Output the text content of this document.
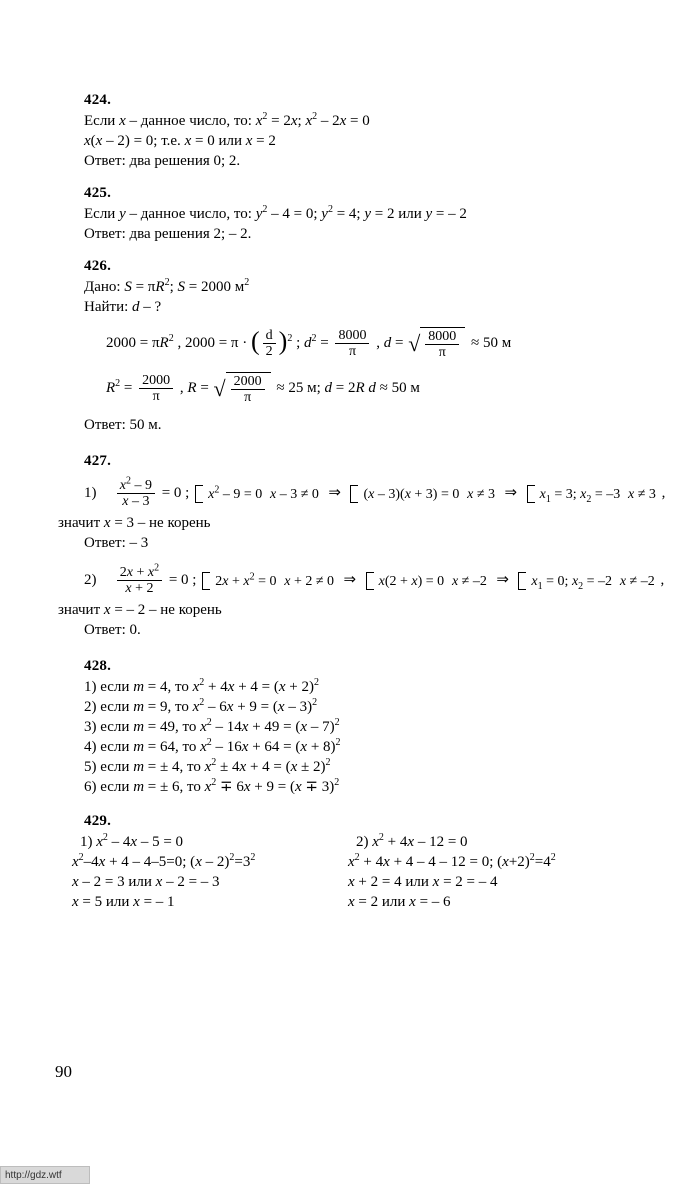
424.
Если x – данное число, то: $x^2 = 2x$; $x^2 - 2x = 0$
x(x – 2) = 0; т.е. x = 0 или x = 2
Ответ: два решения 0; 2.
425.
Если y – данное число, то: $y^2 - 4 = 0$; $y^2 = 4$; y = 2 или y = – 2
Ответ: два решения 2; – 2.
426.
Дано: $S = \pi R^2$; S = 2000 $м^2$
Найти: d – ?
$2000 = \pi R^2$ , 2000 = π · ( $\frac{d}{2} )^2$ ; $d^2 = \frac{8000}{\pi}$ , d = √ $\frac{8000}{\pi} \approx 50$ м
$R^2 = \frac{2000}{\pi}$ , R = √ $\frac{2000}{\pi} \approx 25$ м; d = 2R d ≈ 50 м
Ответ: 50 м.
427.
$1) \frac{x^2 - 9}{x - 3} = 0$ ; $x^2 - 9 = 0$ x – 3 ≠ 0  ⇒  (x – 3)(x + 3) = 0 x ≠ 3  ⇒  $x_1 = 3$; $x_2 = -3$ x ≠ 3 ,
значит x = 3 – не корень
Ответ: – 3
$2) \frac{2x + x^2}{x + 2} = 0$ ; $2x + x^2 = 0$ x + 2 ≠ 0  ⇒  x(2 + x) = 0 x ≠ –2  ⇒  $x_1 = 0$; $x_2 = -2$ x ≠ –2 ,
значит x = – 2 – не корень
Ответ: 0.
428.
1) если m = 4, то $x^2 + 4x + 4 = (x + 2)^2$
2) если m = 9, то $x^2 - 6x + 9 = (x - 3)^2$
3) если m = 49, то $x^2 - 14x + 49 = (x - 7)^2$
4) если m = 64, то $x^2 - 16x + 64 = (x + 8)^2$
5) если m = ± 4, то $x^2 \pm 4x + 4 = (x \pm 2)^2$
6) если m = ± 6, то $x^2 \mp 6x + 9 = (x \mp 3)^2$
429.
1) $x^2 - 4x - 5 = 0$
$x^2-4x + 4 - 4-5=0$; $(x - 2)^2=3^2$
x – 2 = 3 или x – 2 = – 3
x = 5 или x = – 1
2) $x^2 + 4x - 12 = 0$
$x^2 + 4x + 4 - 4 - 12 = 0$; $(x+2)^2=4^2$
x + 2 = 4 или x = 2 = – 4
x = 2 или x = – 6
90
http://gdz.wtf
